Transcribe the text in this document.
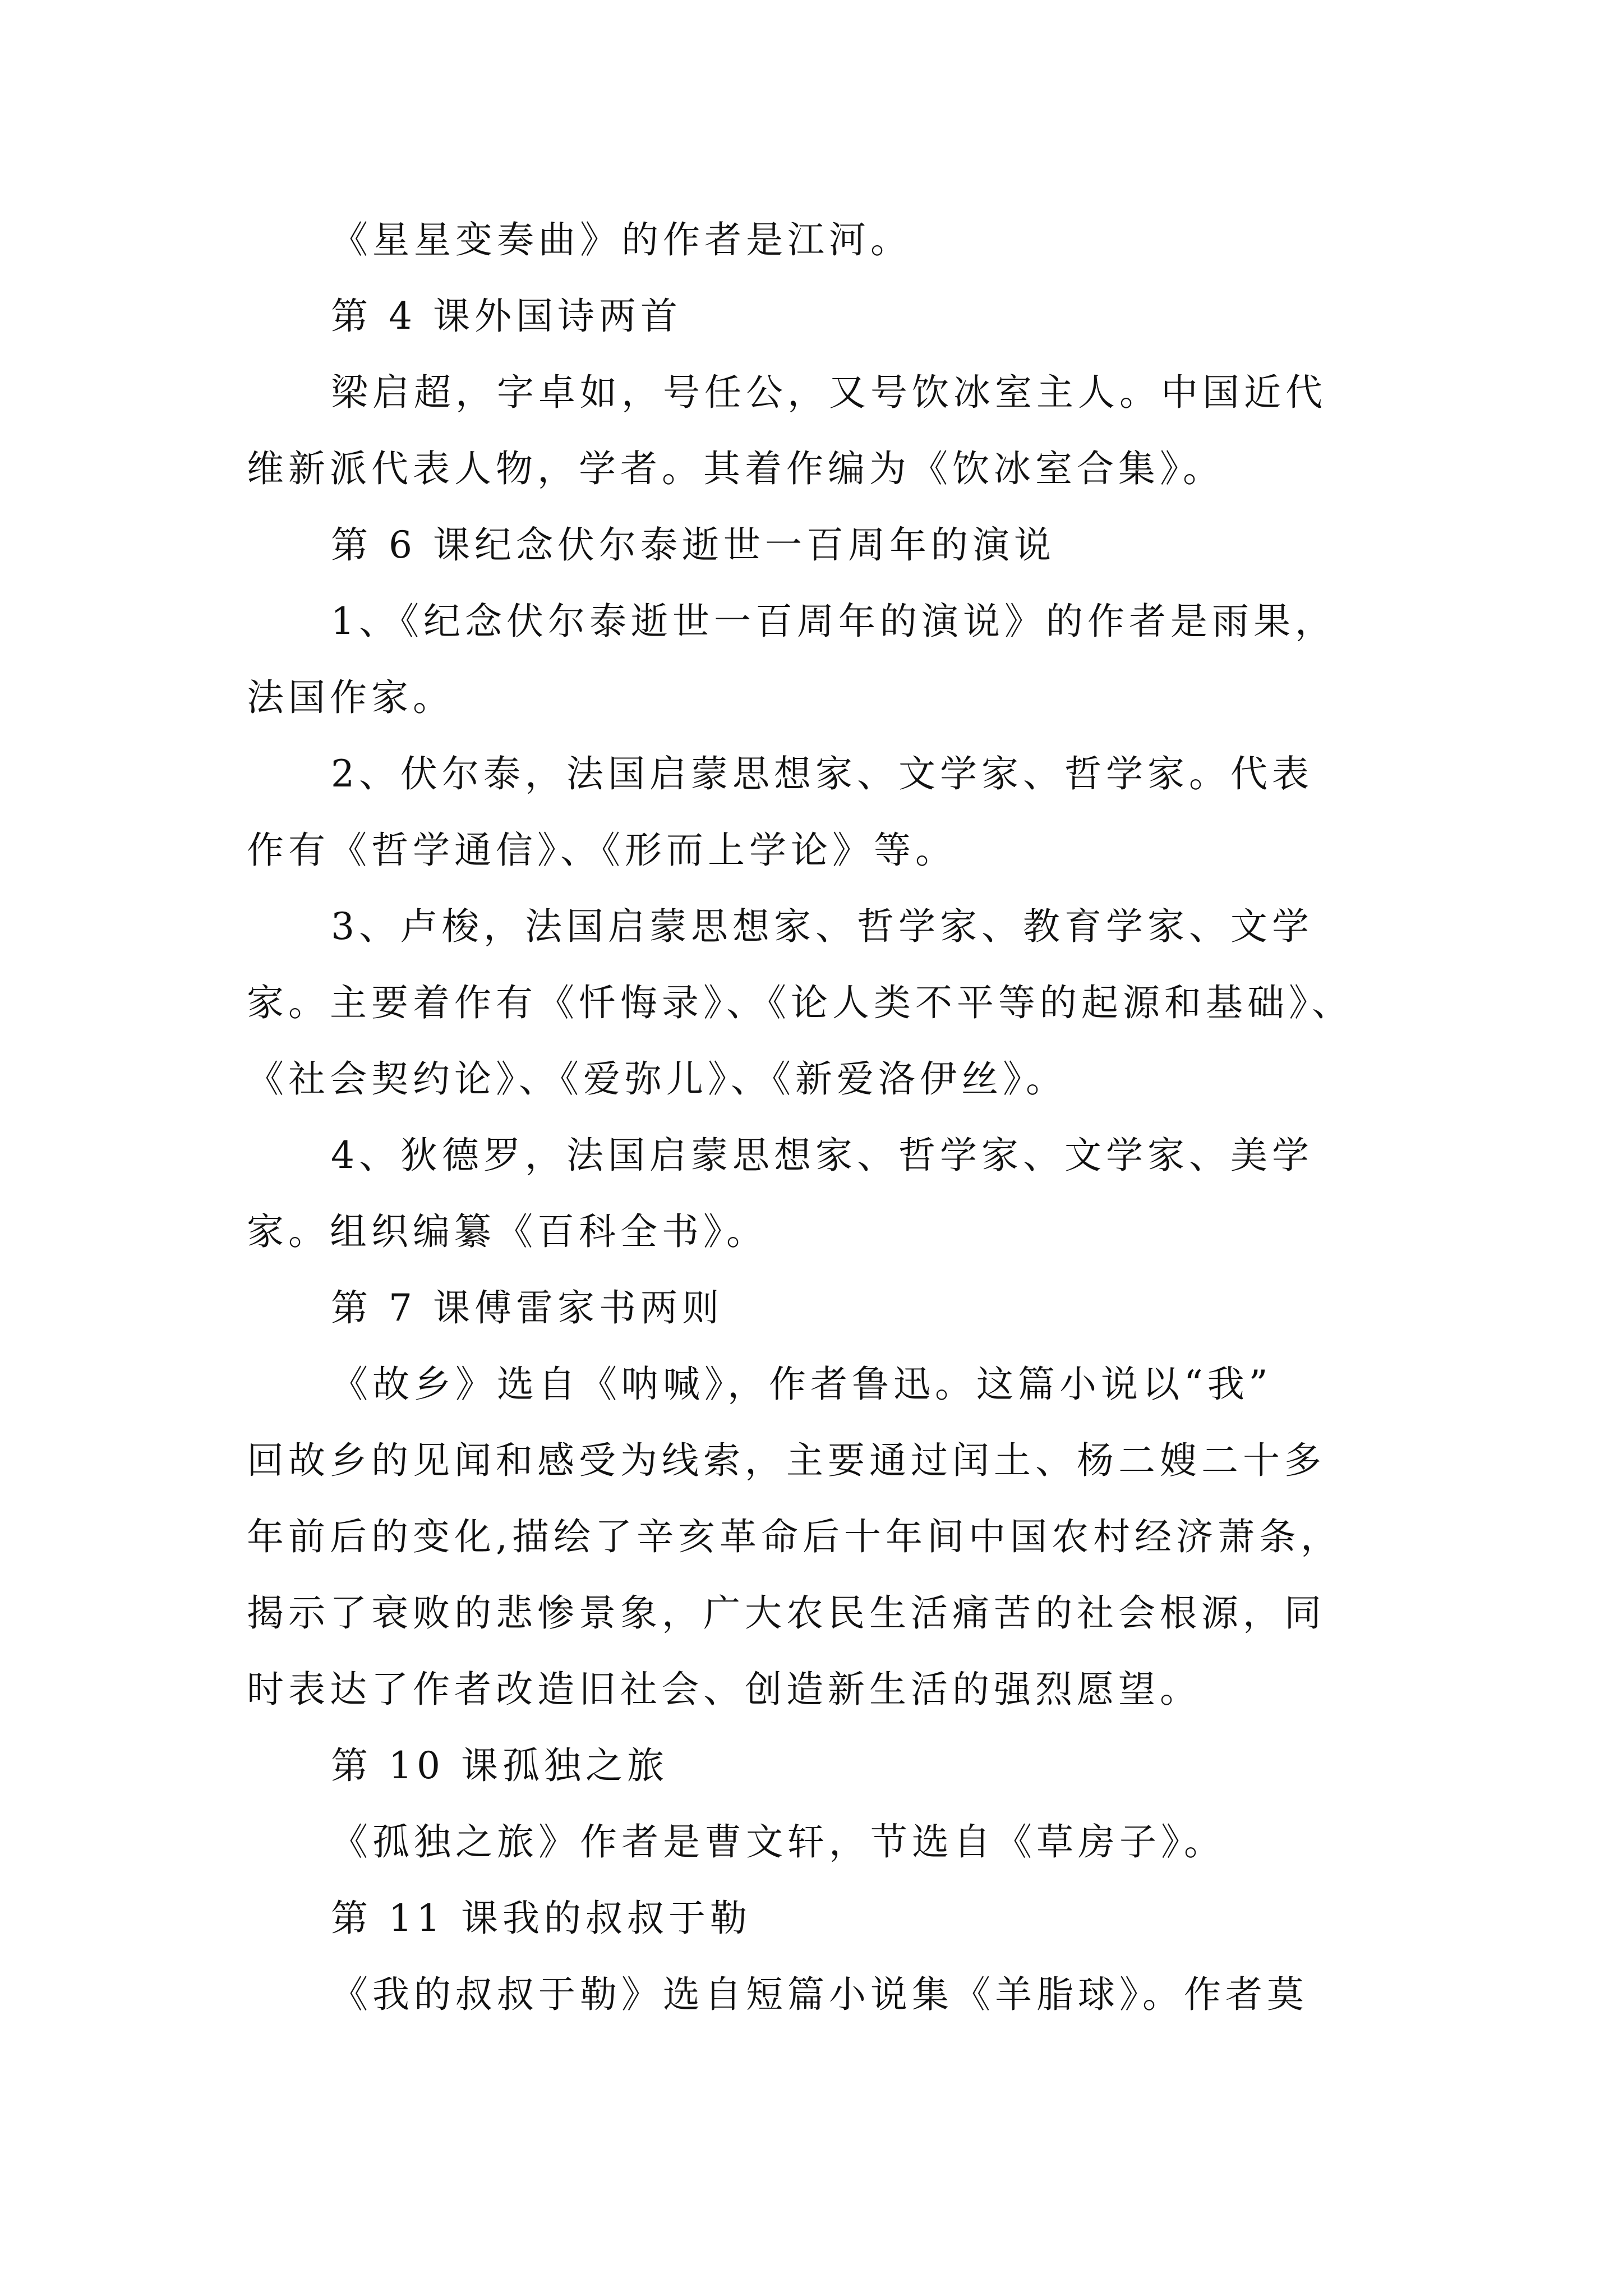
《星星变奏曲》的作者是江河。
第 4 课外国诗两首
梁启超，字卓如，号任公，又号饮冰室主人。中国近代
维新派代表人物，学者。其着作编为《饮冰室合集》。
第 6 课纪念伏尔泰逝世一百周年的演说
1、《纪念伏尔泰逝世一百周年的演说》的作者是雨果，
法国作家。
2、伏尔泰，法国启蒙思想家、文学家、哲学家。代表
作有《哲学通信》、《形而上学论》等。
3、卢梭，法国启蒙思想家、哲学家、教育学家、文学
家。主要着作有《忏悔录》、《论人类不平等的起源和基础》、
《社会契约论》、《爱弥儿》、《新爱洛伊丝》。
4、狄德罗，法国启蒙思想家、哲学家、文学家、美学
家。组织编纂《百科全书》。
第 7 课傅雷家书两则
《故乡》选自《呐喊》，作者鲁迅。这篇小说以“我”
回故乡的见闻和感受为线索，主要通过闰土、杨二嫂二十多
年前后的变化,描绘了辛亥革命后十年间中国农村经济萧条，
揭示了衰败的悲惨景象，广大农民生活痛苦的社会根源，同
时表达了作者改造旧社会、创造新生活的强烈愿望。
第 10 课孤独之旅
《孤独之旅》作者是曹文轩，节选自《草房子》。
第 11 课我的叔叔于勒
《我的叔叔于勒》选自短篇小说集《羊脂球》。作者莫
